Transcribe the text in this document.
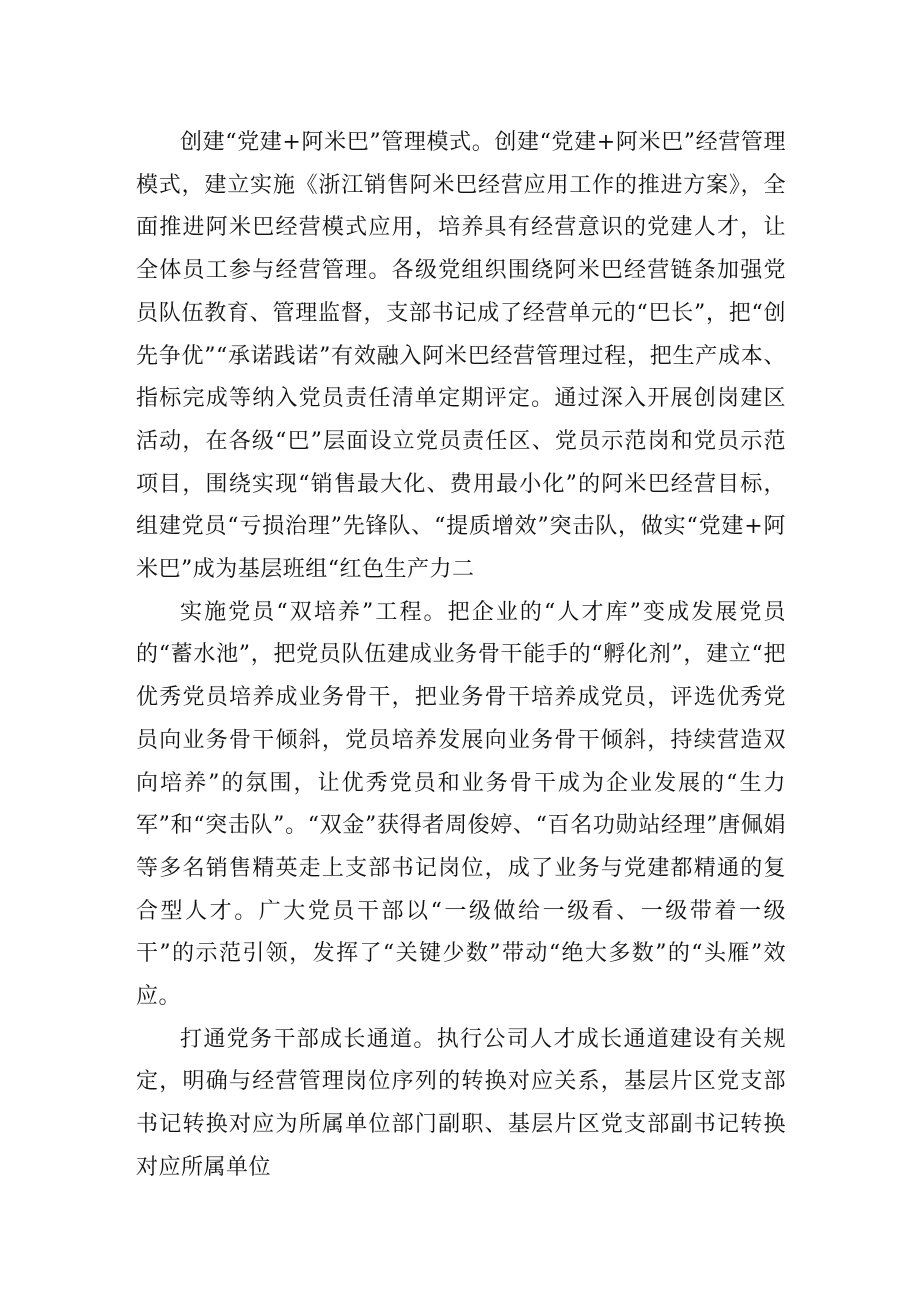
创建“党建+阿米巴”管理模式。创建“党建+阿米巴”经营管理模式，建立实施《浙江销售阿米巴经营应用工作的推进方案》，全面推进阿米巴经营模式应用，培养具有经营意识的党建人才，让全体员工参与经营管理。各级党组织围绕阿米巴经营链条加强党员队伍教育、管理监督，支部书记成了经营单元的“巴长”，把“创先争优”“承诺践诺”有效融入阿米巴经营管理过程，把生产成本、指标完成等纳入党员责任清单定期评定。通过深入开展创岗建区活动，在各级“巴”层面设立党员责任区、党员示范岗和党员示范项目，围绕实现“销售最大化、费用最小化”的阿米巴经营目标，组建党员“亏损治理”先锋队、“提质增效”突击队，做实“党建+阿米巴”成为基层班组“红色生产力二

实施党员“双培养”工程。把企业的“人才库”变成发展党员的“蓄水池”，把党员队伍建成业务骨干能手的“孵化剂”，建立“把优秀党员培养成业务骨干，把业务骨干培养成党员，评选优秀党员向业务骨干倾斜，党员培养发展向业务骨干倾斜，持续营造双向培养”的氛围，让优秀党员和业务骨干成为企业发展的“生力军”和“突击队”。“双金”获得者周俊婷、“百名功勋站经理”唐佩娟等多名销售精英走上支部书记岗位，成了业务与党建都精通的复合型人才。广大党员干部以“一级做给一级看、一级带着一级干”的示范引领，发挥了“关键少数”带动“绝大多数”的“头雁”效应。

打通党务干部成长通道。执行公司人才成长通道建设有关规定，明确与经营管理岗位序列的转换对应关系，基层片区党支部书记转换对应为所属单位部门副职、基层片区党支部副书记转换对应所属单位
